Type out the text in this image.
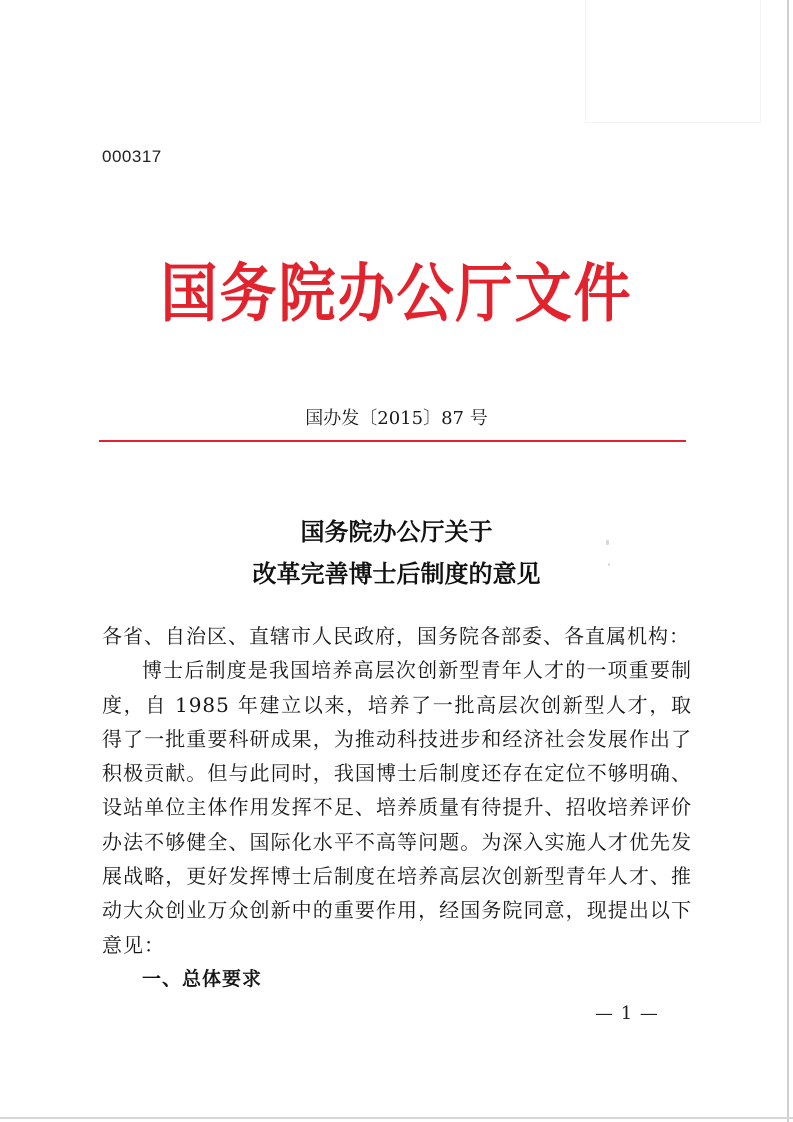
000317
国务院办公厅文件
国办发〔2015〕87 号
国务院办公厅关于
改革完善博士后制度的意见

各省、自治区、直辖市人民政府，国务院各部委、各直属机构：

博士后制度是我国培养高层次创新型青年人才的一项重要制度，自 1985 年建立以来，培养了一批高层次创新型人才，取得了一批重要科研成果，为推动科技进步和经济社会发展作出了积极贡献。但与此同时，我国博士后制度还存在定位不够明确、设站单位主体作用发挥不足、培养质量有待提升、招收培养评价办法不够健全、国际化水平不高等问题。为深入实施人才优先发展战略，更好发挥博士后制度在培养高层次创新型青年人才、推动大众创业万众创新中的重要作用，经国务院同意，现提出以下意见：

一、总体要求

— 1 —
